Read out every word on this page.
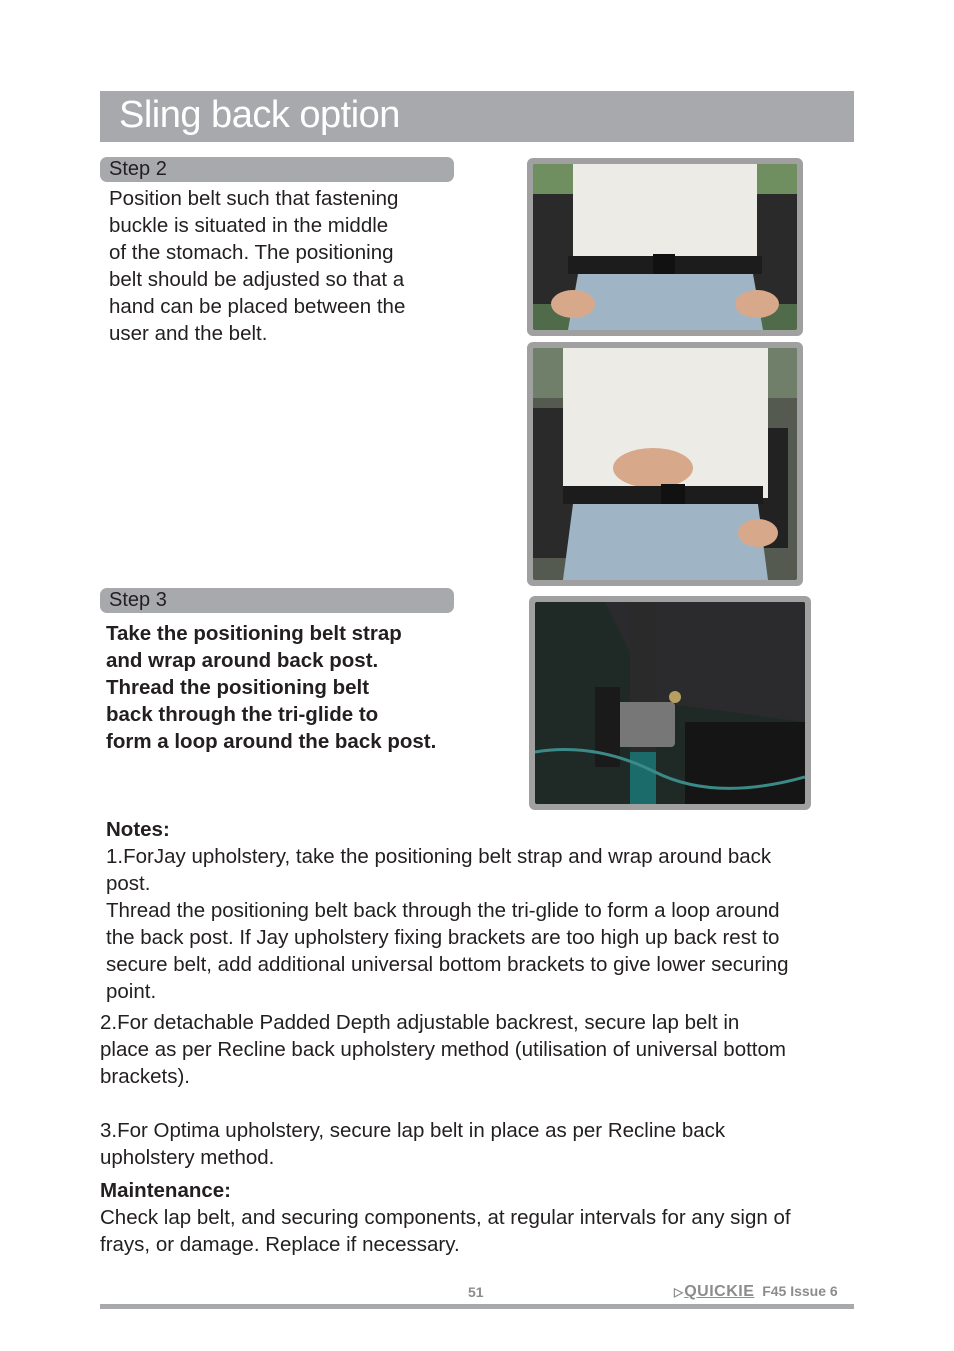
Sling back option
Step 2
Position belt such that fastening
buckle is situated in the middle
of the stomach. The positioning
belt should be adjusted so that a
hand can be placed between the
user and the belt.
Step 3
Take the positioning belt strap
and wrap around back post.
Thread the positioning belt
back through the tri-glide to
form a loop around the back post.
Notes:
1.ForJay upholstery, take the positioning belt strap and wrap around back
post.
Thread the positioning belt back through the tri-glide to form a loop around
the back post. If Jay upholstery fixing brackets are too high up back rest to
secure belt, add additional universal bottom brackets to give lower securing
point.
2.For detachable Padded Depth adjustable backrest, secure lap belt in
place as per Recline back upholstery method (utilisation of universal bottom
brackets).
3.For Optima upholstery, secure lap belt in place as per Recline back
upholstery method.
Maintenance:
Check lap belt, and securing components, at regular intervals for any sign of
frays, or damage. Replace if necessary.
51	▷QUICKIE F45 Issue 6
